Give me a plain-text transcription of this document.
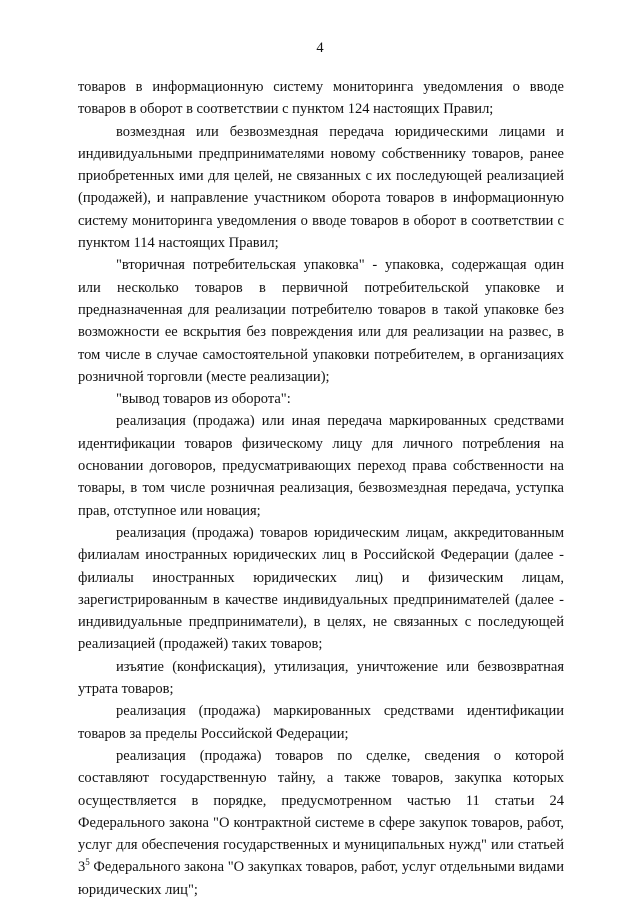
4

товаров в информационную систему мониторинга уведомления о вводе товаров в оборот в соответствии с пунктом 124 настоящих Правил;

возмездная или безвозмездная передача юридическими лицами и индивидуальными предпринимателями новому собственнику товаров, ранее приобретенных ими для целей, не связанных с их последующей реализацией (продажей), и направление участником оборота товаров в информационную систему мониторинга уведомления о вводе товаров в оборот в соответствии с пунктом 114 настоящих Правил;

"вторичная потребительская упаковка" - упаковка, содержащая один или несколько товаров в первичной потребительской упаковке и предназначенная для реализации потребителю товаров в такой упаковке без возможности ее вскрытия без повреждения или для реализации на развес, в том числе в случае самостоятельной упаковки потребителем, в организациях розничной торговли (месте реализации);

"вывод товаров из оборота":

реализация (продажа) или иная передача маркированных средствами идентификации товаров физическому лицу для личного потребления на основании договоров, предусматривающих переход права собственности на товары, в том числе розничная реализация, безвозмездная передача, уступка прав, отступное или новация;

реализация (продажа) товаров юридическим лицам, аккредитованным филиалам иностранных юридических лиц в Российской Федерации (далее - филиалы иностранных юридических лиц) и физическим лицам, зарегистрированным в качестве индивидуальных предпринимателей (далее - индивидуальные предприниматели), в целях, не связанных с последующей реализацией (продажей) таких товаров;

изъятие (конфискация), утилизация, уничтожение или безвозвратная утрата товаров;

реализация (продажа) маркированных средствами идентификации товаров за пределы Российской Федерации;

реализация (продажа) товаров по сделке, сведения о которой составляют государственную тайну, а также товаров, закупка которых осуществляется в порядке, предусмотренном частью 11 статьи 24 Федерального закона "О контрактной системе в сфере закупок товаров, работ, услуг для обеспечения государственных и муниципальных нужд" или статьей $3^5$ Федерального закона "О закупках товаров, работ, услуг отдельными видами юридических лиц";
